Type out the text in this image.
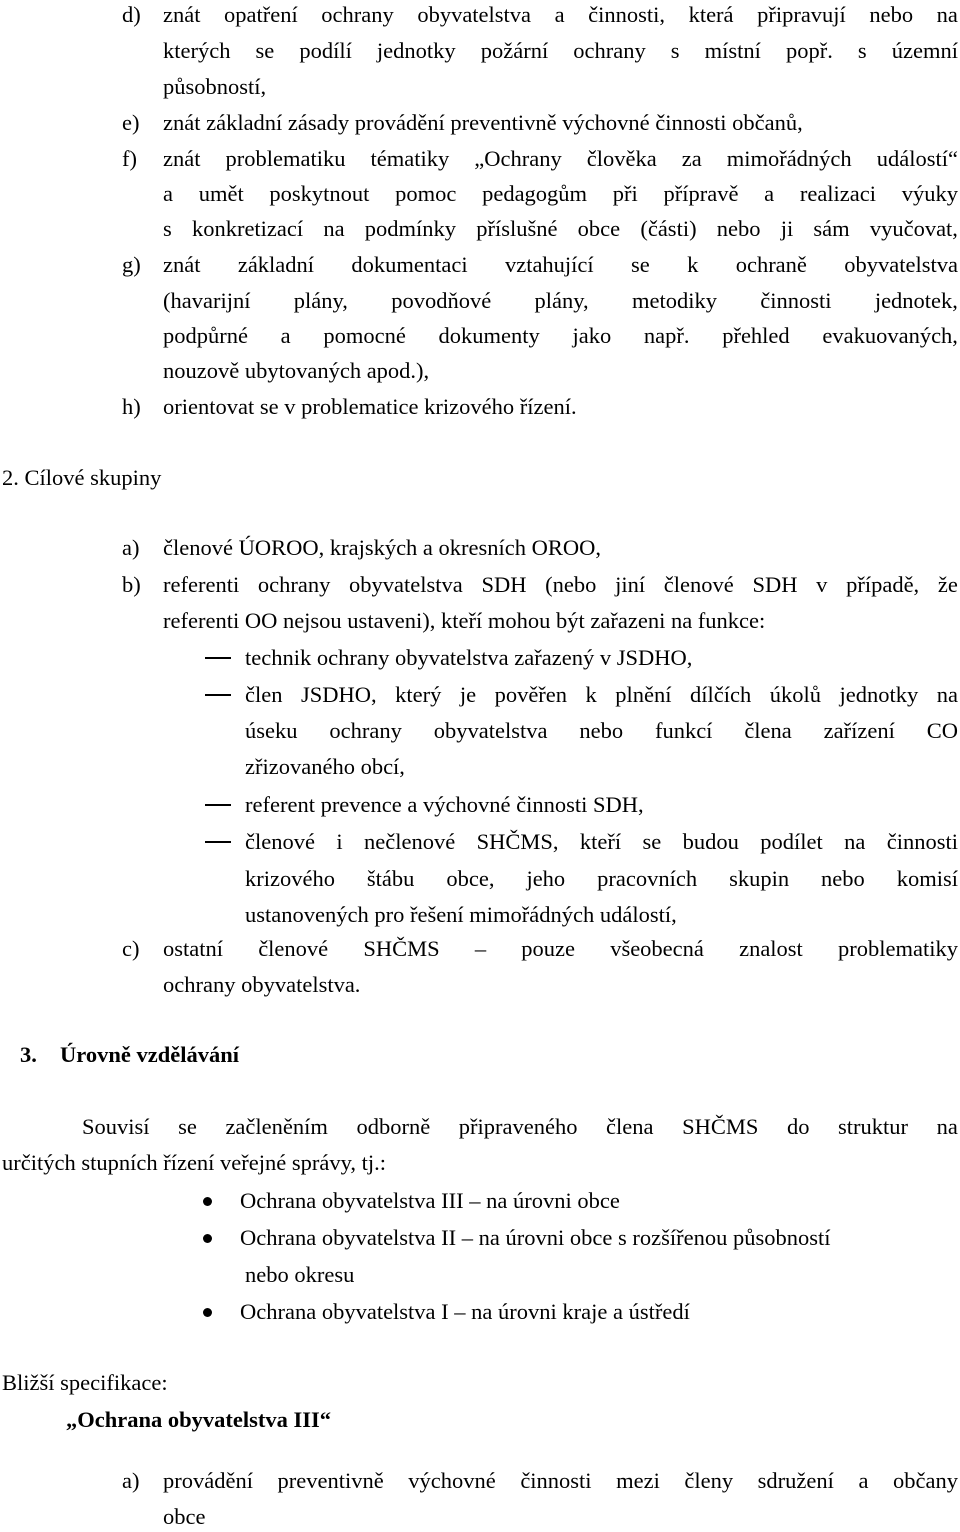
d) znát opatření ochrany obyvatelstva a činnosti, která připravují nebo na
kterých se podílí jednotky požární ochrany s místní popř. s územní
působností,
e) znát základní zásady provádění preventivně výchovné činnosti občanů,
f) znát problematiku tématiky „Ochrany člověka za mimořádných událostí“
a umět poskytnout pomoc pedagogům při přípravě a realizaci výuky
s konkretizací na podmínky příslušné obce (části) nebo ji sám vyučovat,
g) znát základní dokumentaci vztahující se k ochraně obyvatelstva
(havarijní plány, povodňové plány, metodiky činnosti jednotek,
podpůrné a pomocné dokumenty jako např. přehled evakuovaných,
nouzově ubytovaných apod.),
h) orientovat se v problematice krizového řízení.
2. Cílové skupiny
a) členové ÚOROO, krajských a okresních OROO,
b) referenti ochrany obyvatelstva SDH (nebo jiní členové SDH v případě, že
referenti OO nejsou ustaveni), kteří mohou být zařazeni na funkce:
technik ochrany obyvatelstva zařazený v JSDHO,
člen JSDHO, který je pověřen k plnění dílčích úkolů jednotky na
úseku ochrany obyvatelstva nebo funkcí člena zařízení CO
zřizovaného obcí,
referent prevence a výchovné činnosti SDH,
členové i nečlenové SHČMS, kteří se budou podílet na činnosti
krizového štábu obce, jeho pracovních skupin nebo komisí
ustanovených pro řešení mimořádných událostí,
c) ostatní členové SHČMS – pouze všeobecná znalost problematiky
ochrany obyvatelstva.
3. Úrovně vzdělávání
Souvisí se začleněním odborně připraveného člena SHČMS do struktur na
určitých stupních řízení veřejné správy, tj.:
Ochrana obyvatelstva III – na úrovni obce
Ochrana obyvatelstva II – na úrovni obce s rozšířenou působností
nebo okresu
Ochrana obyvatelstva I – na úrovni kraje a ústředí
Bližší specifikace:
„Ochrana obyvatelstva III“
a) provádění preventivně výchovné činnosti mezi členy sdružení a občany
obce
